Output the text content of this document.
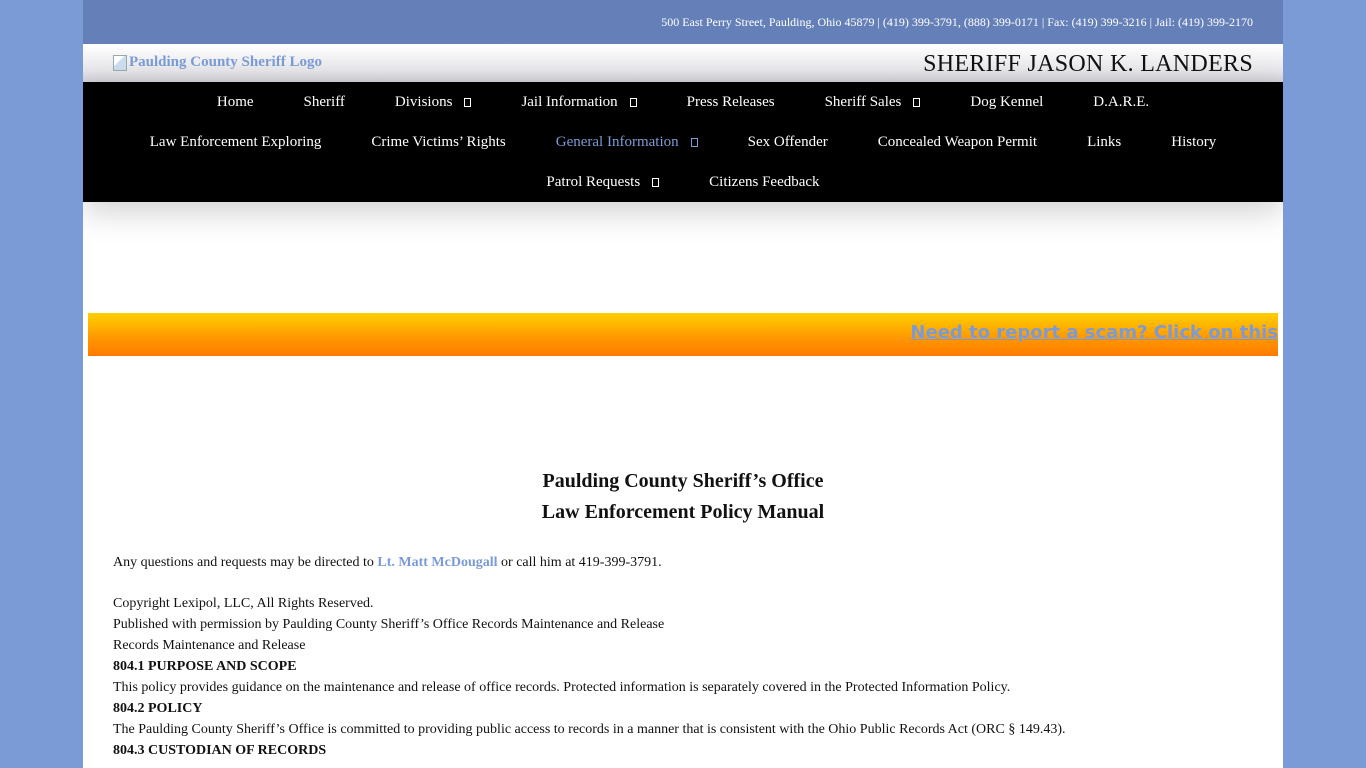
500 East Perry Street, Paulding, Ohio 45879 | (419) 399-3791, (888) 399-0171 | Fax: (419) 399-3216 | Jail: (419) 399-2170
Paulding County Sheriff Logo	SHERIFF JASON K. LANDERS
Home	Sheriff	Divisions	Jail Information	Press Releases	Sheriff Sales	Dog Kennel	D.A.R.E.
Law Enforcement Exploring	Crime Victims’ Rights	General Information	Sex Offender	Concealed Weapon Permit	Links	History
Patrol Requests	Citizens Feedback
Need to report a scam? Click on this
Paulding County Sheriff’s Office
Law Enforcement Policy Manual
Any questions and requests may be directed to Lt. Matt McDougall or call him at 419-399-3791.
Copyright Lexipol, LLC, All Rights Reserved.
Published with permission by Paulding County Sheriff’s Office Records Maintenance and Release
Records Maintenance and Release
804.1 PURPOSE AND SCOPE
This policy provides guidance on the maintenance and release of office records. Protected information is separately covered in the Protected Information Policy.
804.2 POLICY
The Paulding County Sheriff’s Office is committed to providing public access to records in a manner that is consistent with the Ohio Public Records Act (ORC § 149.43).
804.3 CUSTODIAN OF RECORDS
